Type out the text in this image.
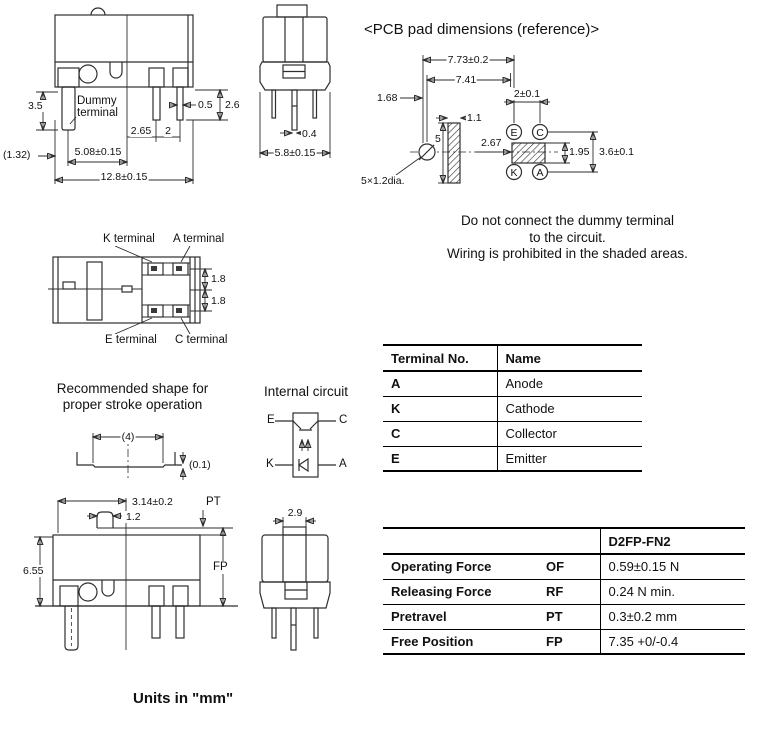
3.5	Dummy
terminal
0.5 2.6
2.65 2
5.08±0.15
(1.32)
12.8±0.15
0.4
5.8±0.15
<PCB pad dimensions (reference)>
7.73±0.2
7.41
2±0.1
1.68
1.1
5	2.67
1.95 3.6±0.1
5×1.2dia.
E C
K A
Do not connect the dummy terminal
to the circuit.
Wiring is prohibited in the shaded areas.
K terminal A terminal
E terminal C terminal
1.8
1.8
Terminal No.	Name
A	Anode
K	Cathode
C	Collector
E	Emitter
Recommended shape for
proper stroke operation
(4)
(0.1)
Internal circuit
E	C
K	A
3.14±0.2
1.2
PT
FP
6.55
2.9
		D2FP-FN2
Operating Force	OF	0.59±0.15 N
Releasing Force	RF	0.24 N min.
Pretravel	PT	0.3±0.2 mm
Free Position	FP	7.35 +0/-0.4
Units in "mm"
